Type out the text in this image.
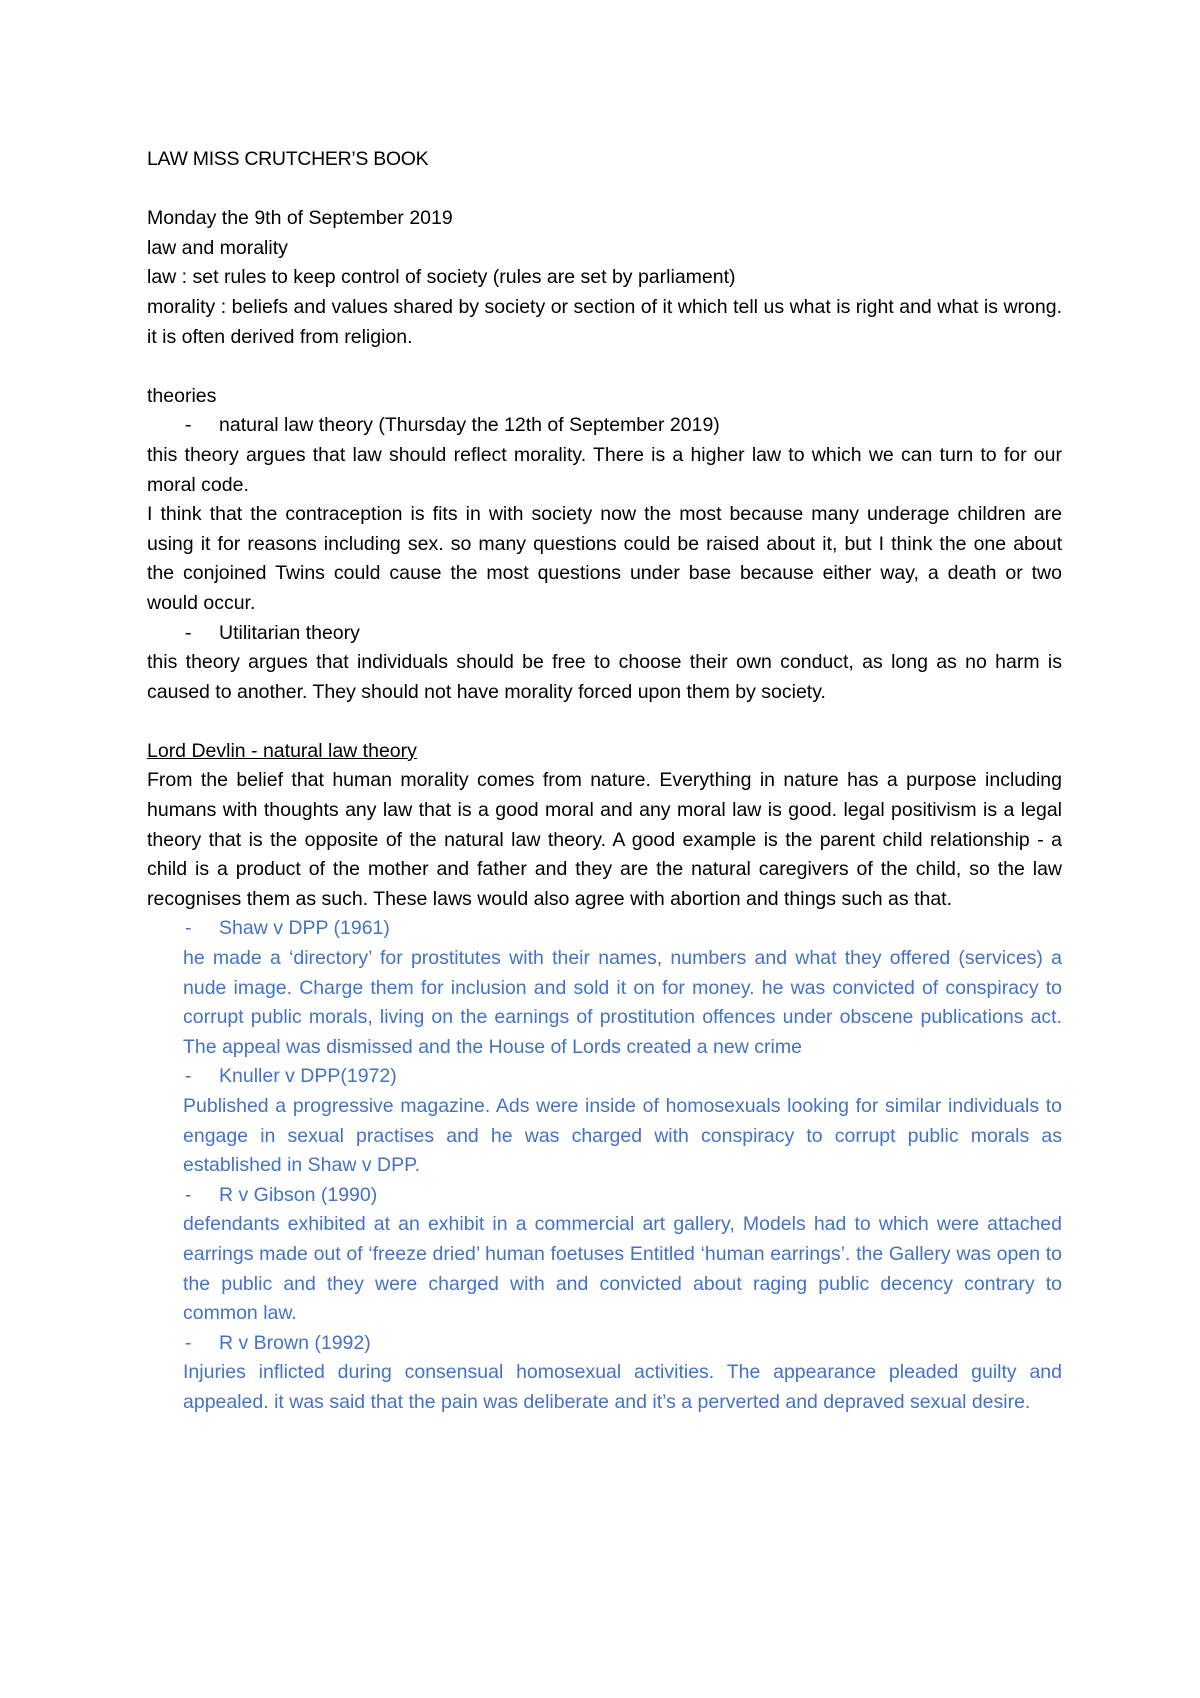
LAW MISS CRUTCHER’S BOOK

Monday the 9th of September 2019

law and morality

law : set rules to keep control of society (rules are set by parliament)

morality : beliefs and values shared by society or section of it which tell us what is right and what is wrong. it is often derived from religion.

theories

- natural law theory (Thursday the 12th of September 2019)

this theory argues that law should reflect morality. There is a higher law to which we can turn to for our moral code.

I think that the contraception is fits in with society now the most because many underage children are using it for reasons including sex. so many questions could be raised about it, but I think the one about the conjoined Twins could cause the most questions under base because either way, a death or two would occur.

- Utilitarian theory

this theory argues that individuals should be free to choose their own conduct, as long as no harm is caused to another. They should not have morality forced upon them by society.

Lord Devlin - natural law theory

From the belief that human morality comes from nature. Everything in nature has a purpose including humans with thoughts any law that is a good moral and any moral law is good. legal positivism is a legal theory that is the opposite of the natural law theory. A good example is the parent child relationship - a child is a product of the mother and father and they are the natural caregivers of the child, so the law recognises them as such. These laws would also agree with abortion and things such as that.

- Shaw v DPP (1961)

he made a ‘directory’ for prostitutes with their names, numbers and what they offered (services) a nude image. Charge them for inclusion and sold it on for money. he was convicted of conspiracy to corrupt public morals, living on the earnings of prostitution offences under obscene publications act. The appeal was dismissed and the House of Lords created a new crime

- Knuller v DPP(1972)

Published a progressive magazine. Ads were inside of homosexuals looking for similar individuals to engage in sexual practises and he was charged with conspiracy to corrupt public morals as established in Shaw v DPP.

- R v Gibson (1990)

defendants exhibited at an exhibit in a commercial art gallery, Models had to which were attached earrings made out of ‘freeze dried’ human foetuses Entitled ‘human earrings’. the Gallery was open to the public and they were charged with and convicted about raging public decency contrary to common law.

- R v Brown (1992)

Injuries inflicted during consensual homosexual activities. The appearance pleaded guilty and appealed. it was said that the pain was deliberate and it’s a perverted and depraved sexual desire.
